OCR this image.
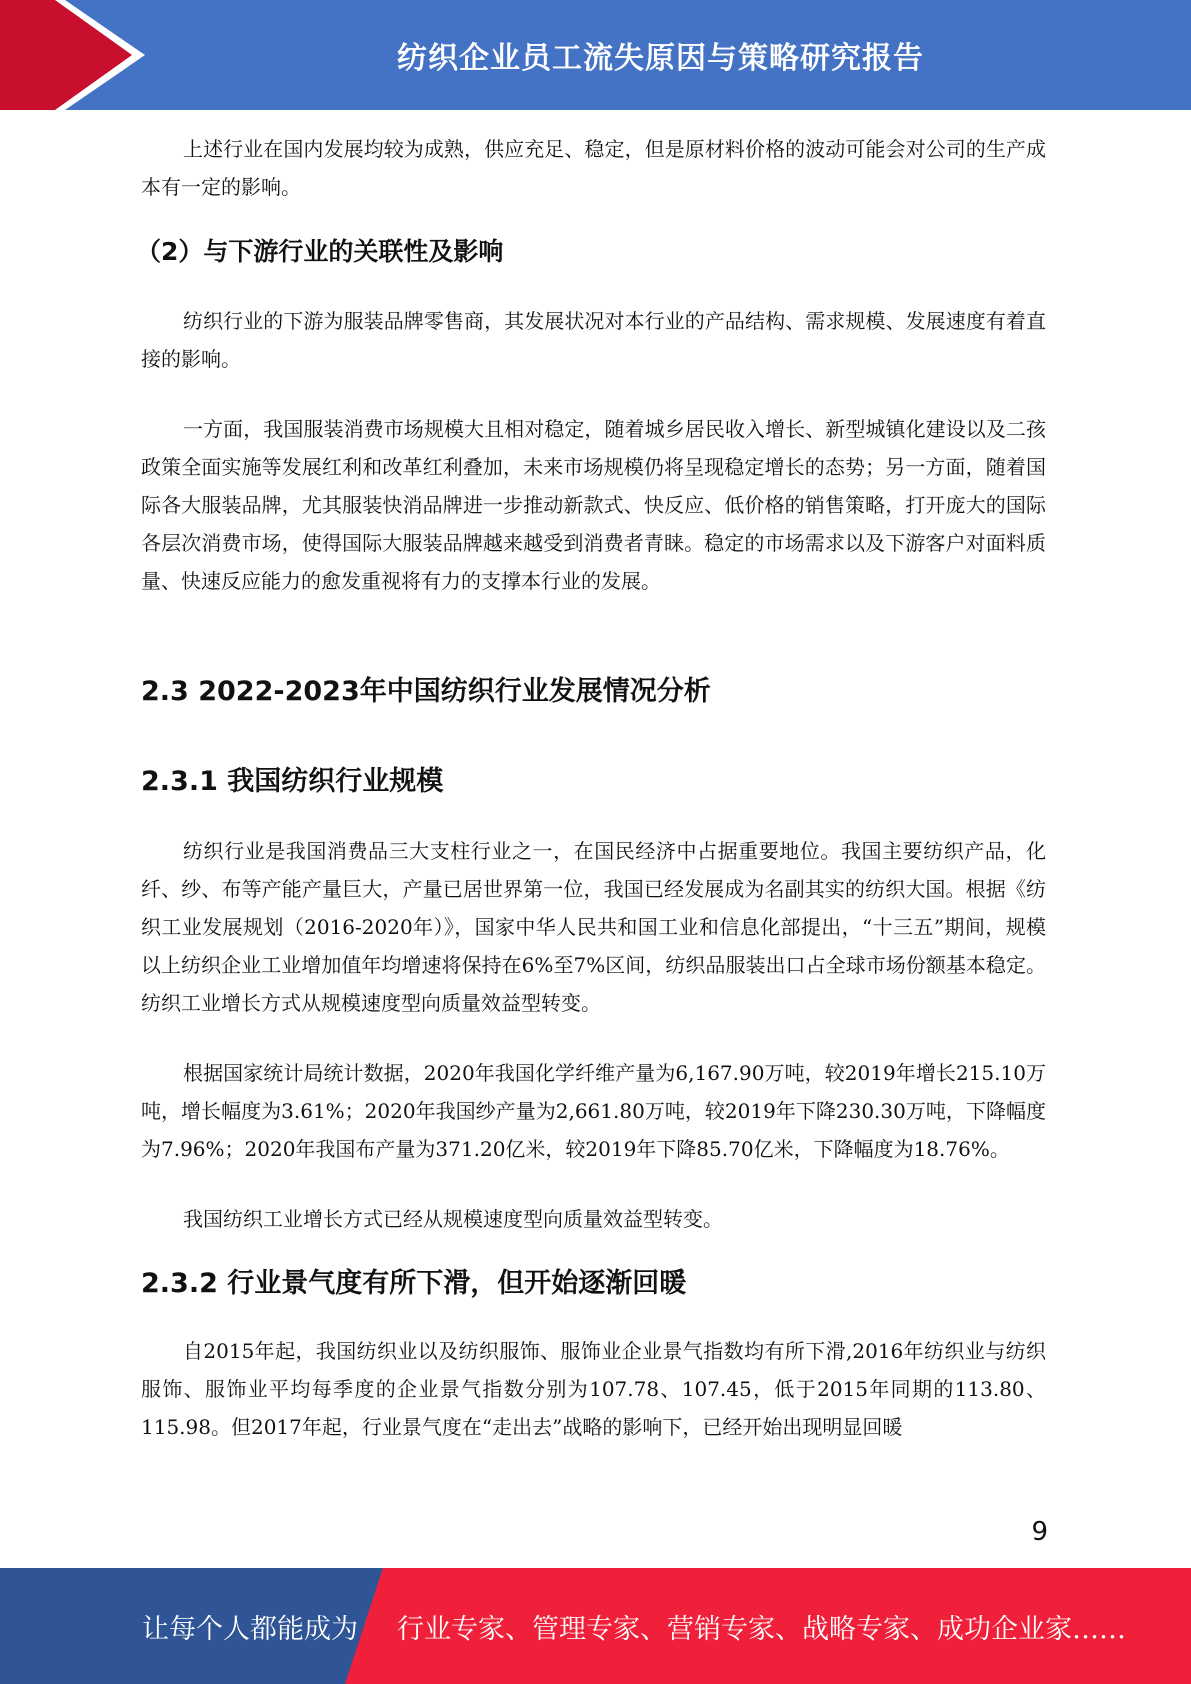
纺织企业员工流失原因与策略研究报告

上述行业在国内发展均较为成熟，供应充足、稳定，但是原材料价格的波动可能会对公司的生产成本有一定的影响。

（2）与下游行业的关联性及影响

纺织行业的下游为服装品牌零售商，其发展状况对本行业的产品结构、需求规模、发展速度有着直接的影响。

一方面，我国服装消费市场规模大且相对稳定，随着城乡居民收入增长、新型城镇化建设以及二孩政策全面实施等发展红利和改革红利叠加，未来市场规模仍将呈现稳定增长的态势；另一方面，随着国际各大服装品牌，尤其服装快消品牌进一步推动新款式、快反应、低价格的销售策略，打开庞大的国际各层次消费市场，使得国际大服装品牌越来越受到消费者青睐。稳定的市场需求以及下游客户对面料质量、快速反应能力的愈发重视将有力的支撑本行业的发展。

2.3 2022-2023年中国纺织行业发展情况分析
2.3.1 我国纺织行业规模

纺织行业是我国消费品三大支柱行业之一，在国民经济中占据重要地位。我国主要纺织产品，化纤、纱、布等产能产量巨大，产量已居世界第一位，我国已经发展成为名副其实的纺织大国。根据《纺织工业发展规划（2016-2020年）》，国家中华人民共和国工业和信息化部提出，“十三五”期间，规模以上纺织企业工业增加值年均增速将保持在6%至7%区间，纺织品服装出口占全球市场份额基本稳定。纺织工业增长方式从规模速度型向质量效益型转变。

根据国家统计局统计数据，2020年我国化学纤维产量为6,167.90万吨，较2019年增长215.10万吨，增长幅度为3.61%；2020年我国纱产量为2,661.80万吨，较2019年下降230.30万吨，下降幅度为7.96%；2020年我国布产量为371.20亿米，较2019年下降85.70亿米，下降幅度为18.76%。

我国纺织工业增长方式已经从规模速度型向质量效益型转变。

2.3.2 行业景气度有所下滑，但开始逐渐回暖

自2015年起，我国纺织业以及纺织服饰、服饰业企业景气指数均有所下滑,2016年纺织业与纺织服饰、服饰业平均每季度的企业景气指数分别为107.78、107.45，低于2015年同期的113.80、115.98。但2017年起，行业景气度在“走出去”战略的影响下，已经开始出现明显回暖

9
让每个人都能成为 行业专家、管理专家、营销专家、战略专家、成功企业家……
